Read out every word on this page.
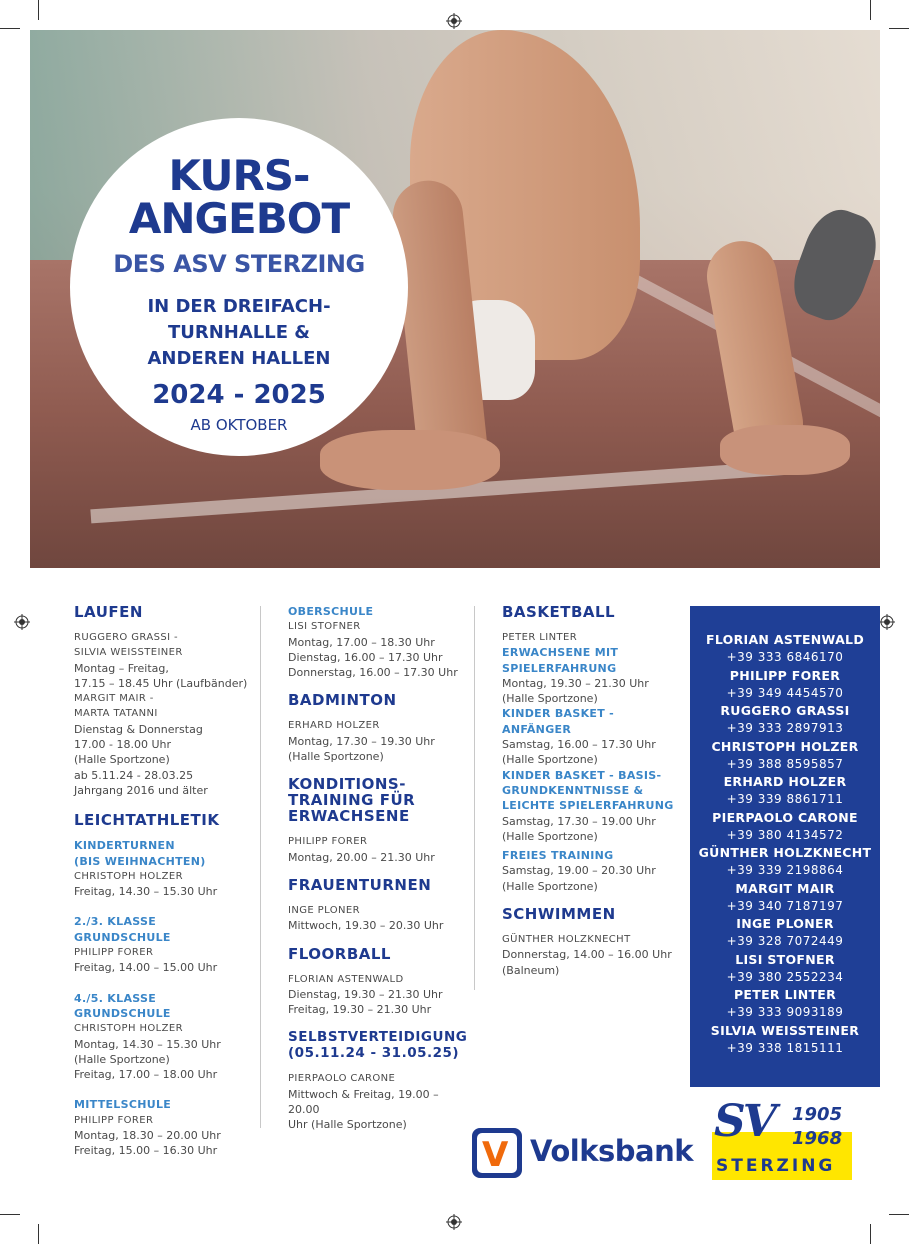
KURS-
ANGEBOT
DES ASV STERZING
IN DER DREIFACH-
TURNHALLE &
ANDEREN HALLEN
2024 - 2025
AB OKTOBER
LAUFEN
RUGGERO GRASSI -
SILVIA WEISSTEINER
Montag – Freitag,
17.15 – 18.45 Uhr (Laufbänder)
MARGIT MAIR -
MARTA TATANNI
Dienstag & Donnerstag
17.00 - 18.00 Uhr
(Halle Sportzone)
ab 5.11.24 - 28.03.25
Jahrgang 2016 und älter
LEICHTATHLETIK
KINDERTURNEN
(BIS WEIHNACHTEN)
CHRISTOPH HOLZER
Freitag, 14.30 – 15.30 Uhr
2./3. KLASSE GRUNDSCHULE
PHILIPP FORER
Freitag, 14.00 – 15.00 Uhr
4./5. KLASSE GRUNDSCHULE
CHRISTOPH HOLZER
Montag, 14.30 – 15.30 Uhr
(Halle Sportzone)
Freitag, 17.00 – 18.00 Uhr
MITTELSCHULE
PHILIPP FORER
Montag, 18.30 – 20.00 Uhr
Freitag, 15.00 – 16.30 Uhr
OBERSCHULE
LISI STOFNER
Montag, 17.00 – 18.30 Uhr
Dienstag, 16.00 – 17.30 Uhr
Donnerstag, 16.00 – 17.30 Uhr
BADMINTON
ERHARD HOLZER
Montag, 17.30 – 19.30 Uhr
(Halle Sportzone)
KONDITIONS-
TRAINING FÜR
ERWACHSENE
PHILIPP FORER
Montag, 20.00 – 21.30 Uhr
FRAUENTURNEN
INGE PLONER
Mittwoch, 19.30 – 20.30 Uhr
FLOORBALL
FLORIAN ASTENWALD
Dienstag, 19.30 – 21.30 Uhr
Freitag, 19.30 – 21.30 Uhr
SELBSTVERTEIDIGUNG
(05.11.24 - 31.05.25)
PIERPAOLO CARONE
Mittwoch & Freitag, 19.00 – 20.00
Uhr (Halle Sportzone)
BASKETBALL
PETER LINTER
ERWACHSENE MIT
SPIELERFAHRUNG
Montag, 19.30 – 21.30 Uhr
(Halle Sportzone)
KINDER BASKET - ANFÄNGER
Samstag, 16.00 – 17.30 Uhr
(Halle Sportzone)
KINDER BASKET - BASIS-
GRUNDKENNTNISSE &
LEICHTE SPIELERFAHRUNG
Samstag, 17.30 – 19.00 Uhr
(Halle Sportzone)
FREIES TRAINING
Samstag, 19.00 – 20.30 Uhr
(Halle Sportzone)
SCHWIMMEN
GÜNTHER HOLZKNECHT
Donnerstag, 14.00 – 16.00 Uhr
(Balneum)
FLORIAN ASTENWALD
+39 333 6846170
PHILIPP FORER
+39 349 4454570
RUGGERO GRASSI
+39 333 2897913
CHRISTOPH HOLZER
+39 388 8595857
ERHARD HOLZER
+39 339 8861711
PIERPAOLO CARONE
+39 380 4134572
GÜNTHER HOLZKNECHT
+39 339 2198864
MARGIT MAIR
+39 340 7187197
INGE PLONER
+39 328 7072449
LISI STOFNER
+39 380 2552234
PETER LINTER
+39 333 9093189
SILVIA WEISSTEINER
+39 338 1815111
V Volksbank
SV 1905
1968
STERZING
